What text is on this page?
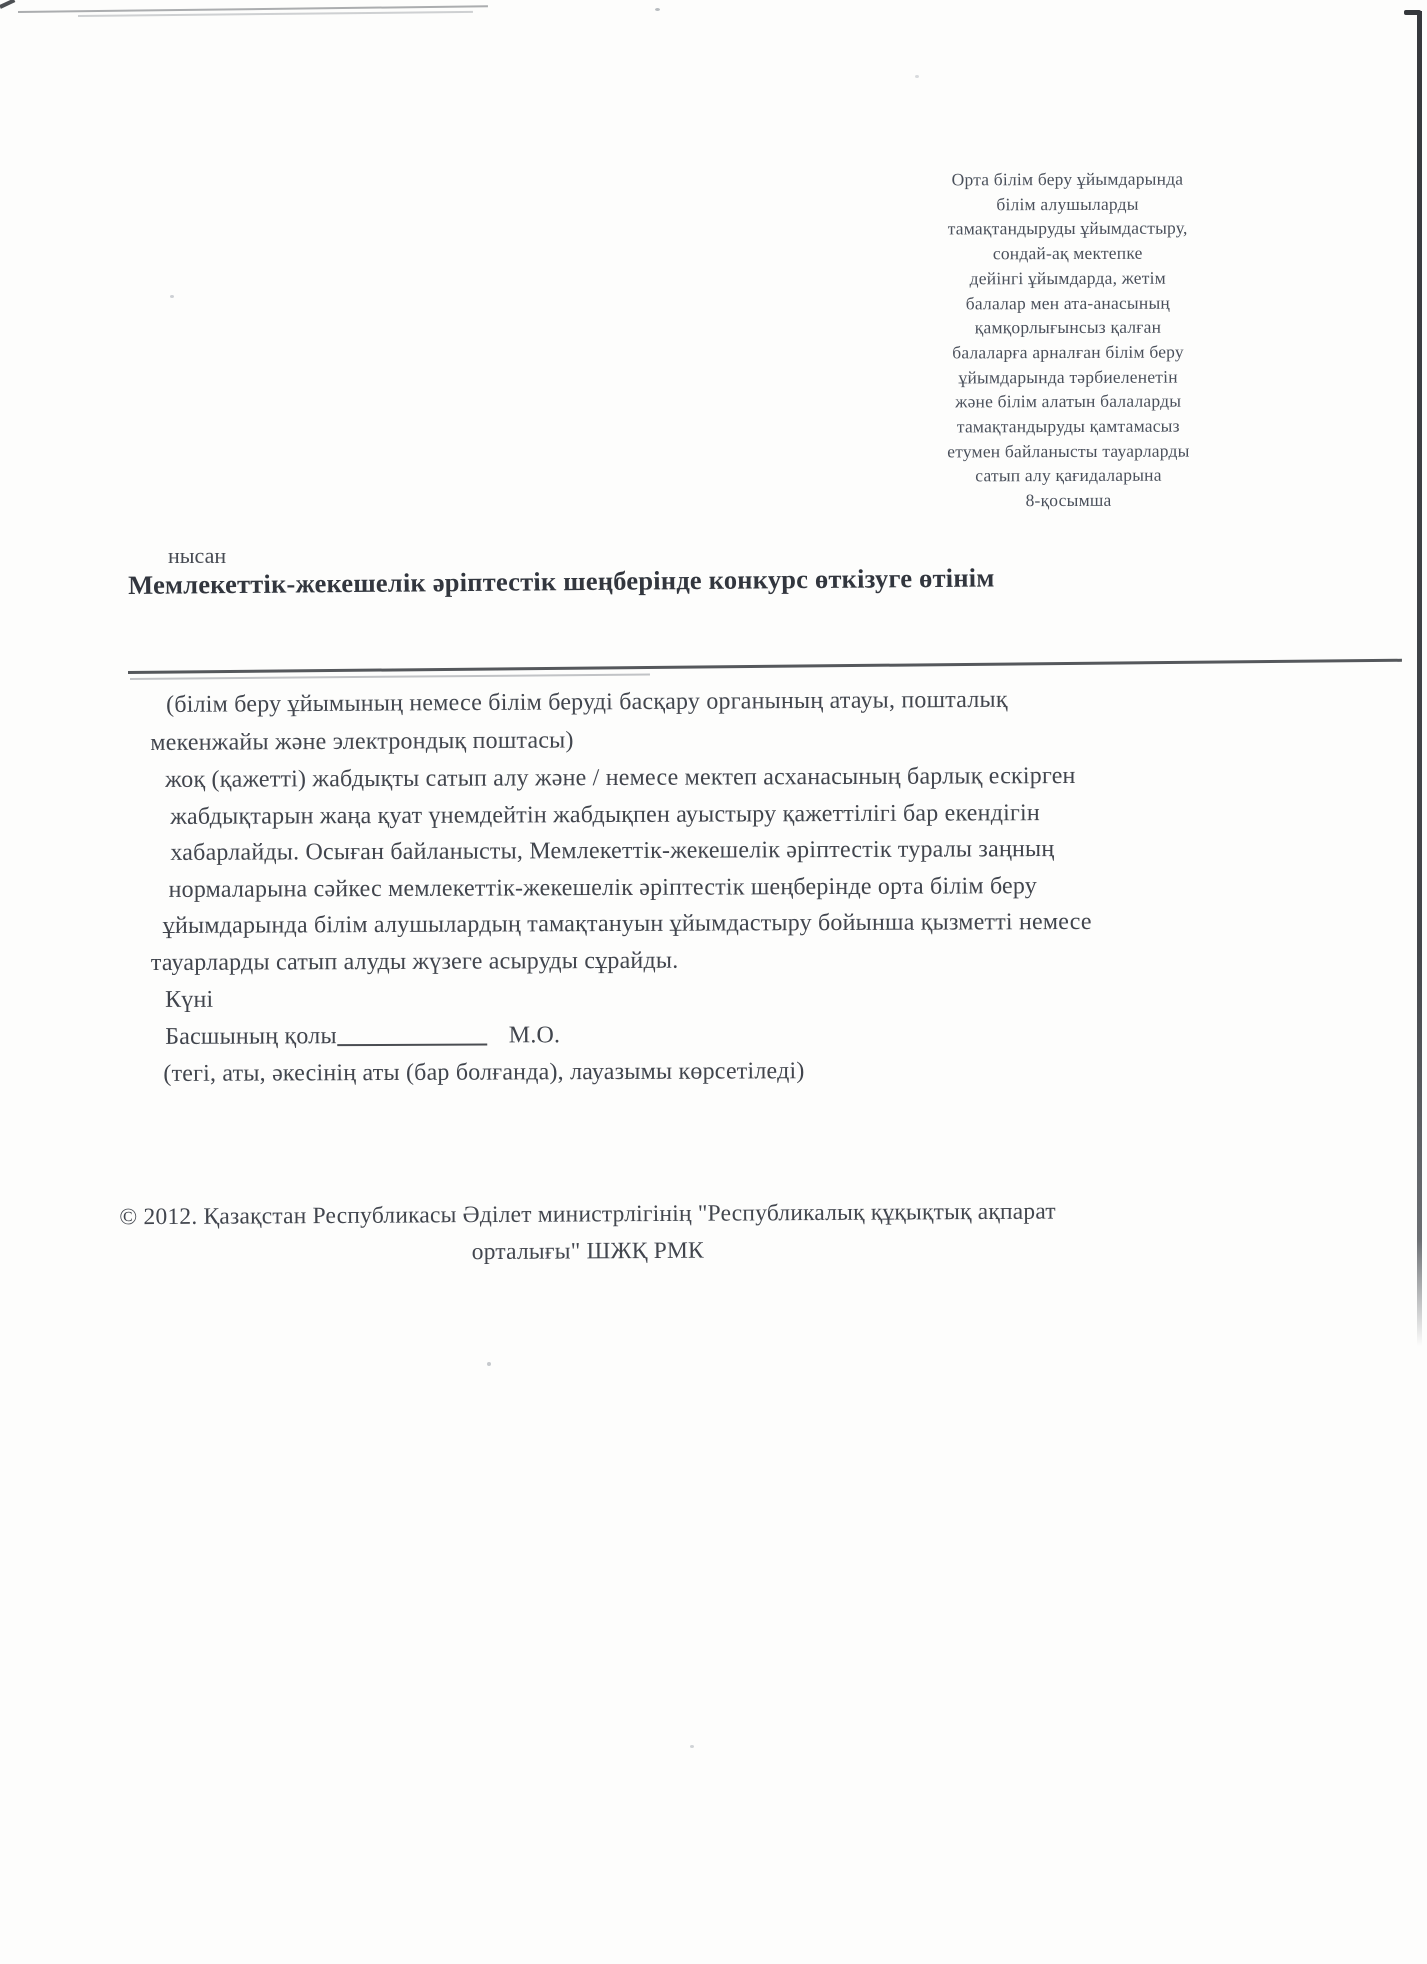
Орта білім беру ұйымдарында
білім алушыларды
тамақтандыруды ұйымдастыру,
сондай-ақ мектепке
дейінгі ұйымдарда, жетім
балалар мен ата-анасының
қамқорлығынсыз қалған
балаларға арналған білім беру
ұйымдарында тәрбиеленетін
және білім алатын балаларды
тамақтандыруды қамтамасыз
етумен байланысты тауарларды
сатып алу қағидаларына
8-қосымша
нысан
Мемлекеттік-жекешелік әріптестік шеңберінде конкурс өткізуге өтінім
(білім беру ұйымының немесе білім беруді басқару органының атауы, пошталық
мекенжайы және электрондық поштасы)
жоқ (қажетті) жабдықты сатып алу және / немесе мектеп асханасының барлық ескірген
жабдықтарын жаңа қуат үнемдейтін жабдықпен ауыстыру қажеттілігі бар екендігін
хабарлайды. Осыған байланысты, Мемлекеттік-жекешелік әріптестік туралы заңның
нормаларына сәйкес мемлекеттік-жекешелік әріптестік шеңберінде орта білім беру
ұйымдарында білім алушылардың тамақтануын ұйымдастыру бойынша қызметті немесе
тауарларды сатып алуды жүзеге асыруды сұрайды.
Күні
Басшының қолы	М.О.
(тегі, аты, әкесінің аты (бар болғанда), лауазымы көрсетіледі)
© 2012. Қазақстан Республикасы Әділет министрлігінің "Республикалық құқықтық ақпарат
орталығы" ШЖҚ РМК
